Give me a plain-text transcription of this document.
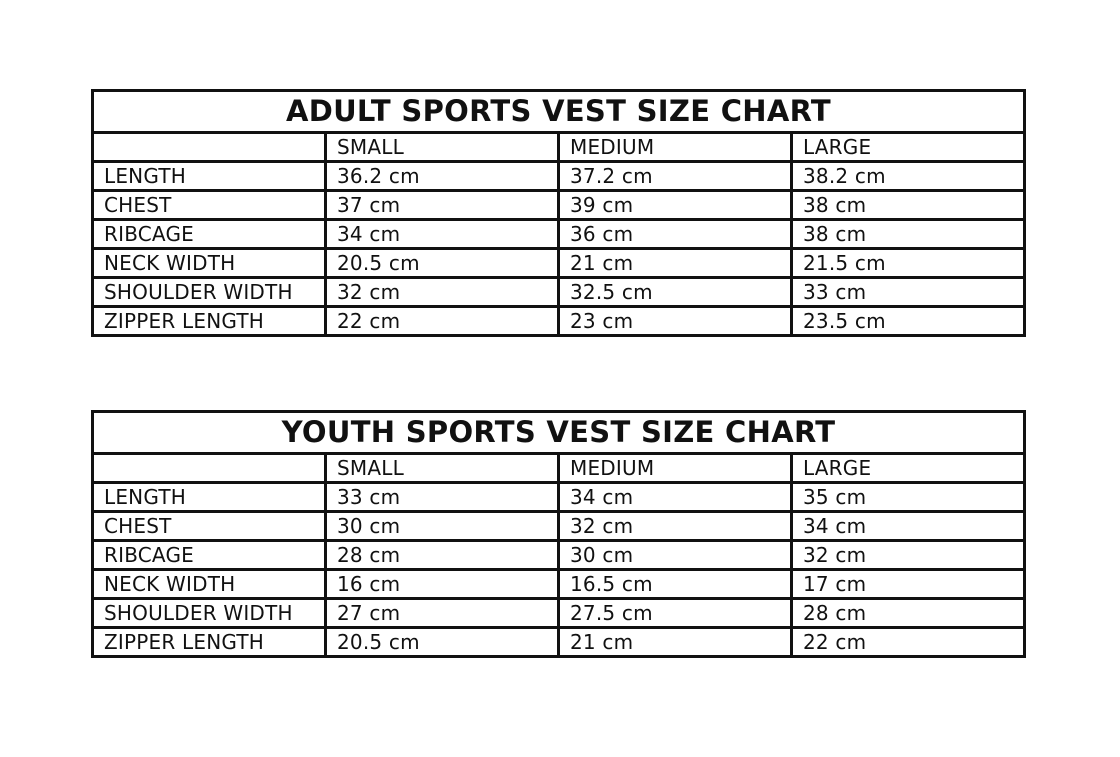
ADULT SPORTS VEST SIZE CHART			
	SMALL	MEDIUM	LARGE
LENGTH	36.2 cm	37.2 cm	38.2 cm
CHEST	37 cm	39 cm	38 cm
RIBCAGE	34 cm	36 cm	38 cm
NECK WIDTH	20.5 cm	21 cm	21.5 cm
SHOULDER WIDTH	32 cm	32.5 cm	33 cm
ZIPPER LENGTH	22 cm	23 cm	23.5 cm
YOUTH SPORTS VEST SIZE CHART			
	SMALL	MEDIUM	LARGE
LENGTH	33 cm	34 cm	35 cm
CHEST	30 cm	32 cm	34 cm
RIBCAGE	28 cm	30 cm	32 cm
NECK WIDTH	16 cm	16.5 cm	17 cm
SHOULDER WIDTH	27 cm	27.5 cm	28 cm
ZIPPER LENGTH	20.5 cm	21 cm	22 cm
